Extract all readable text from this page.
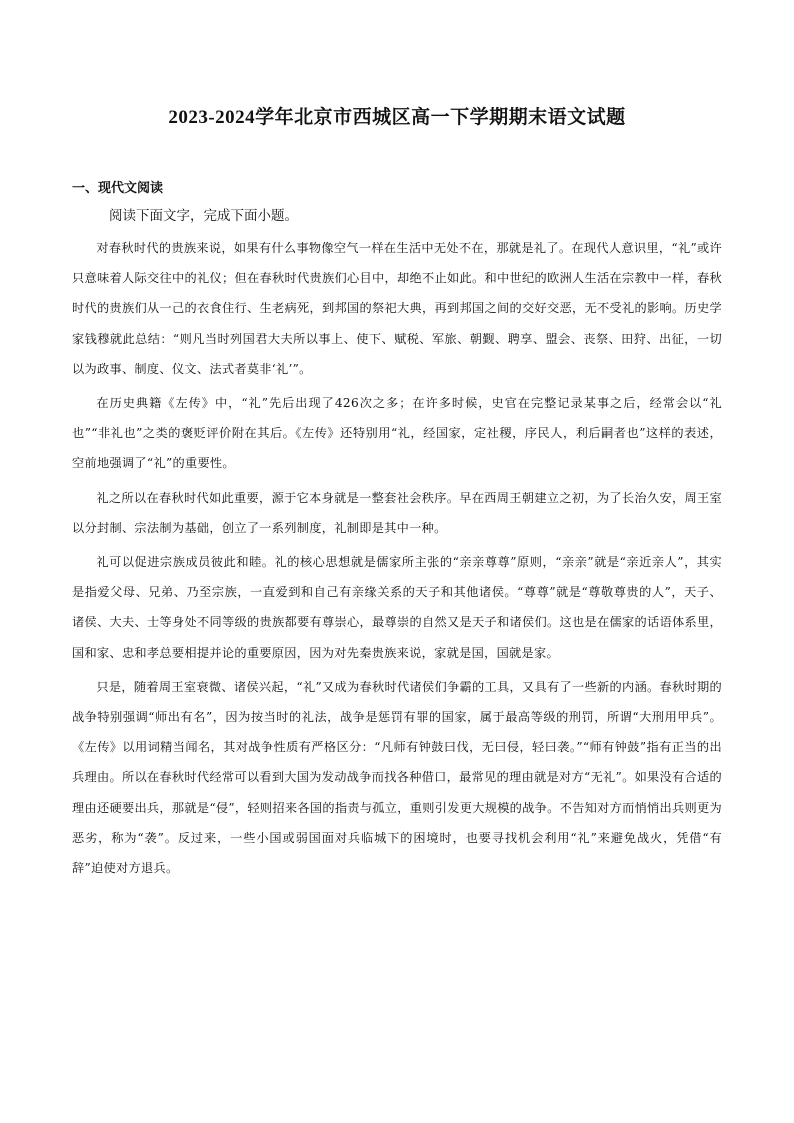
2023-2024学年北京市西城区高一下学期期末语文试题
一、现代文阅读
阅读下面文字，完成下面小题。

对春秋时代的贵族来说，如果有什么事物像空气一样在生活中无处不在，那就是礼了。在现代人意识里，“礼”或许只意味着人际交往中的礼仪；但在春秋时代贵族们心目中，却绝不止如此。和中世纪的欧洲人生活在宗教中一样，春秋时代的贵族们从一己的衣食住行、生老病死，到邦国的祭祀大典，再到邦国之间的交好交恶，无不受礼的影响。历史学家钱穆就此总结：“则凡当时列国君大夫所以事上、使下、赋税、军旅、朝觐、聘享、盟会、丧祭、田狩、出征，一切以为政事、制度、仪文、法式者莫非‘礼’”。

在历史典籍《左传》中，“礼”先后出现了426次之多；在许多时候，史官在完整记录某事之后，经常会以“礼也”“非礼也”之类的褒贬评价附在其后。《左传》还特别用“礼，经国家，定社稷，序民人，利后嗣者也”这样的表述，空前地强调了“礼”的重要性。

礼之所以在春秋时代如此重要，源于它本身就是一整套社会秩序。早在西周王朝建立之初，为了长治久安，周王室以分封制、宗法制为基础，创立了一系列制度，礼制即是其中一种。

礼可以促进宗族成员彼此和睦。礼的核心思想就是儒家所主张的“亲亲尊尊”原则，“亲亲”就是“亲近亲人”，其实是指爱父母、兄弟、乃至宗族，一直爱到和自己有亲缘关系的天子和其他诸侯。“尊尊”就是“尊敬尊贵的人”，天子、诸侯、大夫、士等身处不同等级的贵族都要有尊崇心，最尊崇的自然又是天子和诸侯们。这也是在儒家的话语体系里，国和家、忠和孝总要相提并论的重要原因，因为对先秦贵族来说，家就是国，国就是家。

只是，随着周王室衰微、诸侯兴起，“礼”又成为春秋时代诸侯们争霸的工具，又具有了一些新的内涵。春秋时期的战争特别强调“师出有名”，因为按当时的礼法，战争是惩罚有罪的国家，属于最高等级的刑罚，所谓“大刑用甲兵”。《左传》以用词精当闻名，其对战争性质有严格区分：“凡师有钟鼓曰伐，无曰侵，轻曰袭。”“师有钟鼓”指有正当的出兵理由。所以在春秋时代经常可以看到大国为发动战争而找各种借口，最常见的理由就是对方“无礼”。如果没有合适的理由还硬要出兵，那就是“侵”，轻则招来各国的指责与孤立，重则引发更大规模的战争。不告知对方而悄悄出兵则更为恶劣，称为“袭”。反过来，一些小国或弱国面对兵临城下的困境时，也要寻找机会利用“礼”来避免战火，凭借“有辞”迫使对方退兵。
